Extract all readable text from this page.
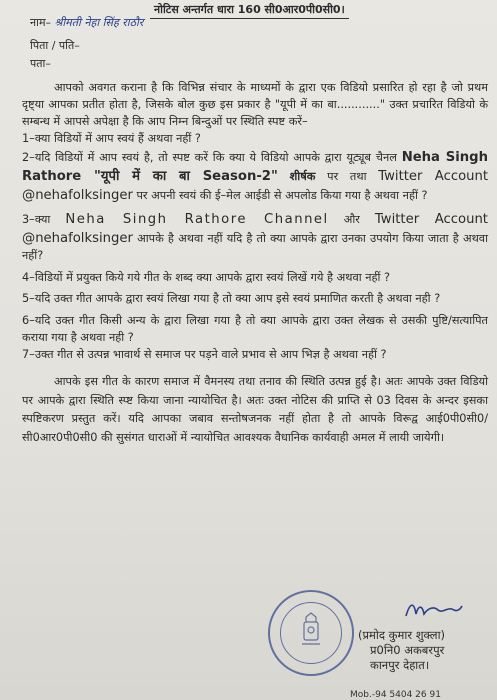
नोटिस अन्तर्गत धारा 160 सी0आर0पी0सी0।
नाम– श्रीमती नेहा सिंह राठौर
पिता / पति–
पता–

आपको अवगत कराना है कि विभिन्न संचार के माध्यमों के द्वारा एक विडियो प्रसारित हो रहा है जो प्रथम दृष्ट्या आपका प्रतीत होता है, जिसके बोल कुछ इस प्रकार है "यूपी में का बा............" उक्त प्रचारित विडियो के सम्बन्ध में आपसे अपेक्षा है कि आप निम्न बिन्दुओं पर स्थिति स्पष्ट करें–

1–क्या विडियों में आप स्वयं हैं अथवा नहीं ?

2–यदि विडियों में आप स्वयं है, तो स्पष्ट करें कि क्या ये विडियो आपके द्वारा यूट्यूब चैनल Neha Singh Rathore "यूपी में का बा Season-2" शीर्षक पर तथा Twitter Account @nehafolksinger पर अपनी स्वयं की ई–मेल आईडी से अपलोड किया गया है अथवा नहीं ?

3–क्या Neha Singh Rathore Channel और Twitter Account @nehafolksinger आपके है अथवा नहीं यदि है तो क्या आपके द्वारा उनका उपयोग किया जाता है अथवा नहीं?

4–विडियों में प्रयुक्त किये गये गीत के शब्द क्या आपके द्वारा स्वयं लिखें गये है अथवा नहीं ?

5–यदि उक्त गीत आपके द्वारा स्वयं लिखा गया है तो क्या आप इसे स्वयं प्रमाणित करती है अथवा नही ?

6–यदि उक्त गीत किसी अन्य के द्वारा लिखा गया है तो क्या आपके द्वारा उक्त लेखक से उसकी पुष्टि/सत्यापित कराया गया है अथवा नही ?

7–उक्त गीत से उत्पन्न भावार्थ से समाज पर पड़ने वाले प्रभाव से आप भिज्ञ है अथवा नहीं ?

आपके इस गीत के कारण समाज में वैमनस्य तथा तनाव की स्थिति उत्पन्न हुई है। अतः आपके उक्त विडियो पर आपके द्वारा स्थिति स्प्ष्ट किया जाना न्यायोचित है। अतः उक्त नोटिस की प्राप्ति से 03 दिवस के अन्दर इसका स्पष्टिकरण प्रस्तुत करें। यदि आपका जबाव सन्तोषजनक नहीं होता है तो आपके विरूद्व आई0पी0सी0/सी0आर0पी0सी0 की सुसंगत धाराओं में न्यायोचित आवश्यक वैधानिक कार्यवाही अमल में लायी जायेगी।

(प्रमोद कुमार शुक्ला)
प्र0नि0 अकबरपुर
कानपुर देहात।
Mob.-94 5404 26 91
